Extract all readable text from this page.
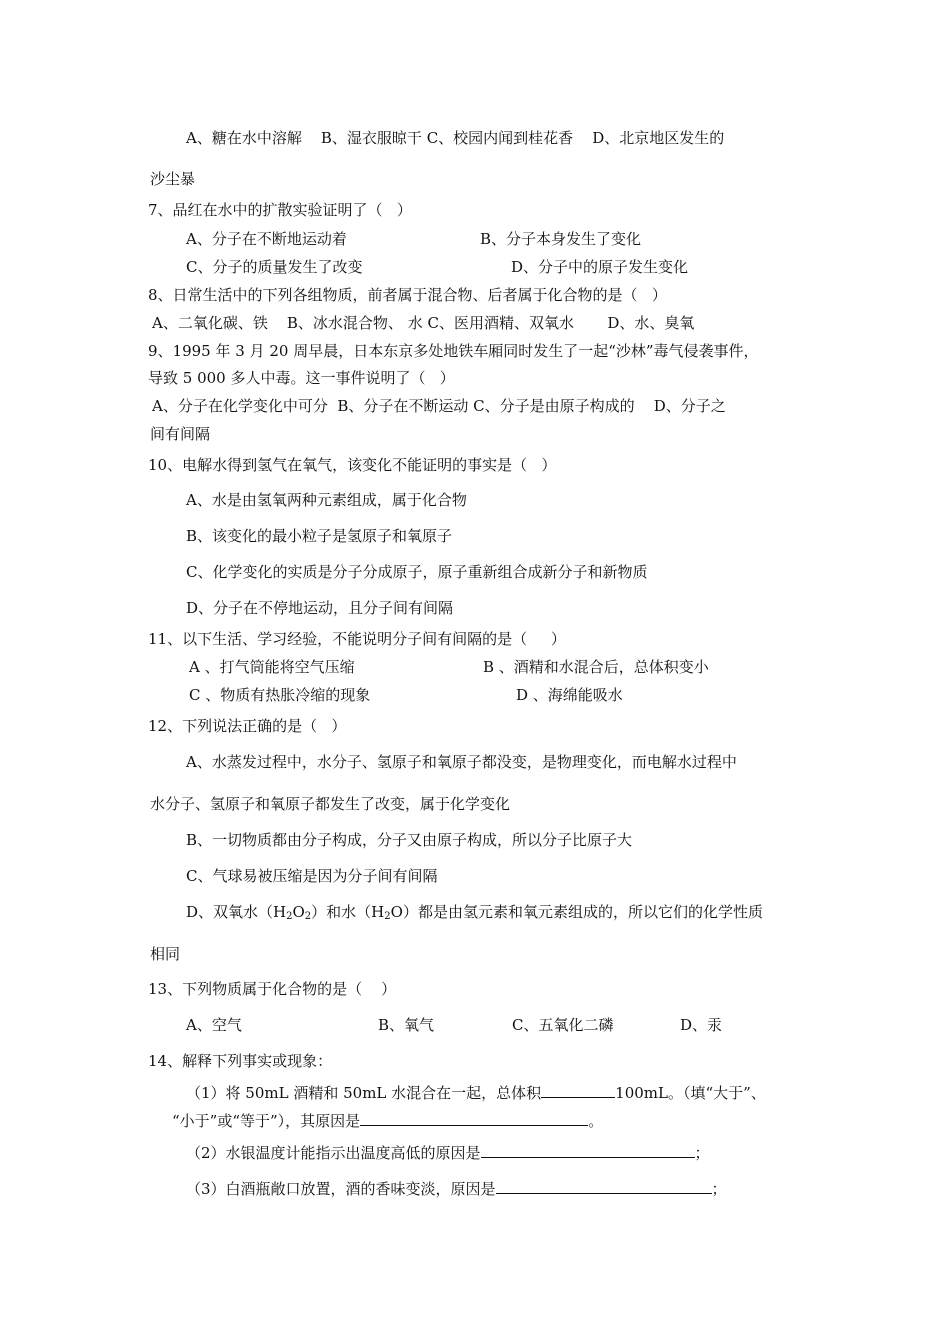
A、糖在水中溶解    B、湿衣服晾干 C、校园内闻到桂花香    D、北京地区发生的
沙尘暴
7、品红在水中的扩散实验证明了（   ）
A、分子在不断地运动着	B、分子本身发生了变化
C、分子的质量发生了改变	D、分子中的原子发生变化
8、日常生活中的下列各组物质，前者属于混合物、后者属于化合物的是（   ）
A、二氧化碳、铁    B、冰水混合物、 水 C、医用酒精、双氧水       D、水、臭氧
9、1995 年 3 月 20 周早晨，日本东京多处地铁车厢同时发生了一起“沙林”毒气侵袭事件，
导致 5 000 多人中毒。这一事件说明了（   ）
A、分子在化学变化中可分  B、分子在不断运动 C、分子是由原子构成的    D、分子之
间有间隔
10、电解水得到氢气在氧气，该变化不能证明的事实是（   ）
A、水是由氢氧两种元素组成，属于化合物
B、该变化的最小粒子是氢原子和氧原子
C、化学变化的实质是分子分成原子，原子重新组合成新分子和新物质
D、分子在不停地运动，且分子间有间隔
11、以下生活、学习经验，不能说明分子间有间隔的是（     ）
A 、打气筒能将空气压缩	B 、酒精和水混合后，总体积变小
C 、物质有热胀冷缩的现象	D 、海绵能吸水
12、下列说法正确的是（   ）
A、水蒸发过程中，水分子、氢原子和氧原子都没变，是物理变化，而电解水过程中
水分子、氢原子和氧原子都发生了改变，属于化学变化
B、一切物质都由分子构成，分子又由原子构成，所以分子比原子大
C、气球易被压缩是因为分子间有间隔
D、双氧水$(H_2O_2)$和水$(H_2O)$都是由氢元素和氧元素组成的，所以它们的化学性质
相同
13、下列物质属于化合物的是（    ）
A、空气	B、氧气	C、五氧化二磷	D、汞
14、解释下列事实或现象：
（1）将 50mL 酒精和 50mL 水混合在一起，总体积	100mL。（填“大于”、
“小于”或“等于”），其原因是	。
（2）水银温度计能指示出温度高低的原因是	；
（3）白酒瓶敞口放置，酒的香味变淡，原因是	；
